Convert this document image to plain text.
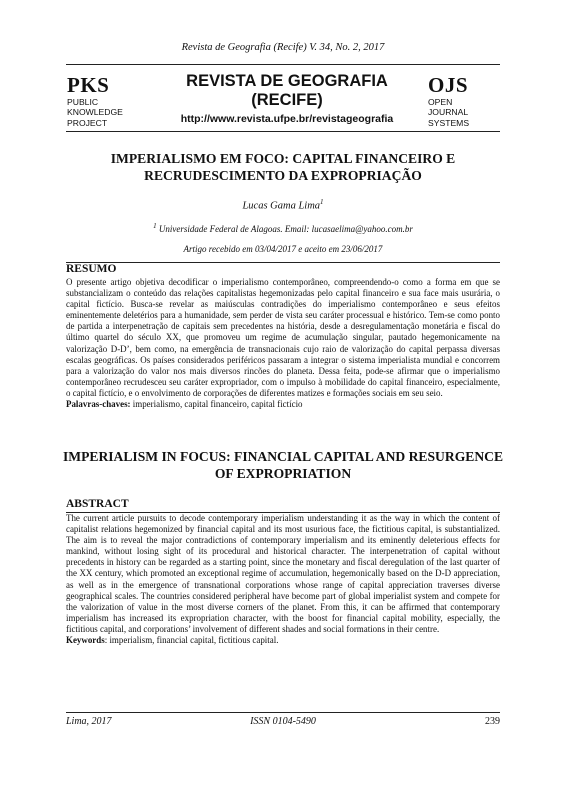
Revista de Geografia (Recife) V. 34, No. 2, 2017
PKS
PUBLIC
KNOWLEDGE
PROJECT
REVISTA DE GEOGRAFIA
(RECIFE)
http://www.revista.ufpe.br/revistageografia
OJS
OPEN
JOURNAL
SYSTEMS
IMPERIALISMO EM FOCO: CAPITAL FINANCEIRO E
RECRUDESCIMENTO DA EXPROPRIAÇÃO
Lucas Gama Lima$^1$
$^1$ Universidade Federal de Alagoas. Email: lucasaelima@yahoo.com.br
Artigo recebido em 03/04/2017 e aceito em 23/06/2017
RESUMO
O presente artigo objetiva decodificar o imperialismo contemporâneo, compreendendo-o como a forma em que se substancializam o conteúdo das relações capitalistas hegemonizadas pelo capital financeiro e sua face mais usurária, o capital fictício. Busca-se revelar as maiúsculas contradições do imperialismo contemporâneo e seus efeitos eminentemente deletérios para a humanidade, sem perder de vista seu caráter processual e histórico. Tem-se como ponto de partida a interpenetração de capitais sem precedentes na história, desde a desregulamentação monetária e fiscal do último quartel do século XX, que promoveu um regime de acumulação singular, pautado hegemonicamente na valorização D-D’, bem como, na emergência de transnacionais cujo raio de valorização do capital perpassa diversas escalas geográficas. Os países considerados periféricos passaram a integrar o sistema imperialista mundial e concorrem para a valorização do valor nos mais diversos rincões do planeta. Dessa feita, pode-se afirmar que o imperialismo contemporâneo recrudesceu seu caráter expropriador, com o impulso à mobilidade do capital financeiro, especialmente, o capital fictício, e o envolvimento de corporações de diferentes matizes e formações sociais em seu seio.
Palavras-chaves: imperialismo, capital financeiro, capital fictício
IMPERIALISM IN FOCUS: FINANCIAL CAPITAL AND RESURGENCE
OF EXPROPRIATION
ABSTRACT
The current article pursuits to decode contemporary imperialism understanding it as the way in which the content of capitalist relations hegemonized by financial capital and its most usurious face, the fictitious capital, is substantialized. The aim is to reveal the major contradictions of contemporary imperialism and its eminently deleterious effects for mankind, without losing sight of its procedural and historical character. The interpenetration of capital without precedents in history can be regarded as a starting point, since the monetary and fiscal deregulation of the last quarter of the XX century, which promoted an exceptional regime of accumulation, hegemonically based on the D-D appreciation, as well as in the emergence of transnational corporations whose range of capital appreciation traverses diverse geographical scales. The countries considered peripheral have become part of global imperialist system and compete for the valorization of value in the most diverse corners of the planet. From this, it can be affirmed that contemporary imperialism has increased its expropriation character, with the boost for financial capital mobility, especially, the fictitious capital, and corporations’ involvement of different shades and social formations in their centre.
Keywords: imperialism, financial capital, fictitious capital.
Lima, 2017	ISSN 0104-5490	239
